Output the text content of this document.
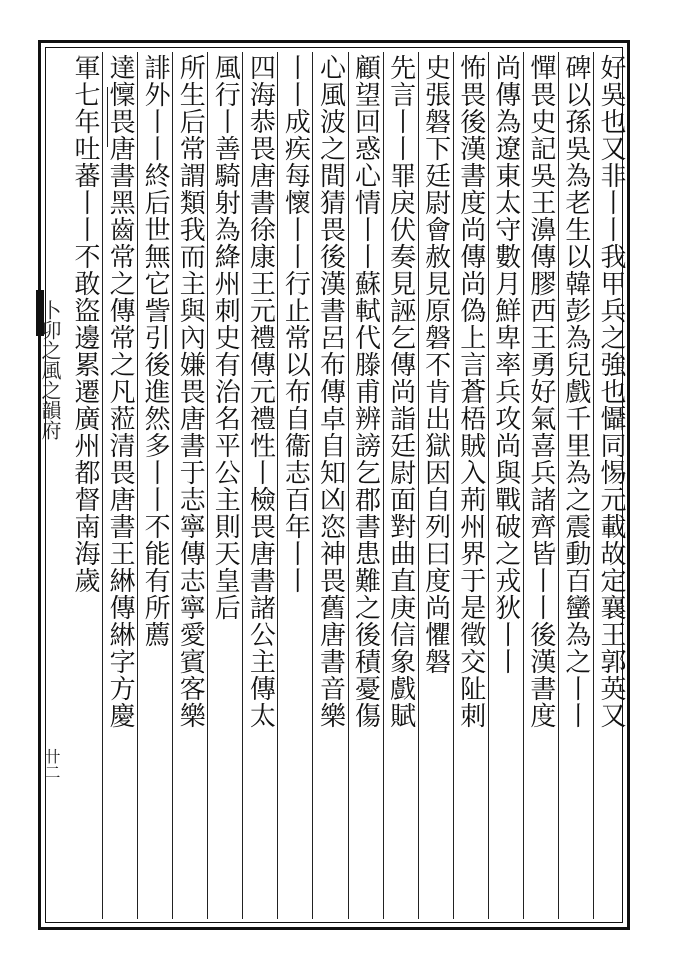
卜卯之風之韻府
卄二
好吳也又非丨丨我甲兵之強也懾同惕元載故定襄王郭英又
碑以孫吳為老生以韓彭為兒戲千里為之震動百蠻為之丨丨
憚畏史記吳王濞傳膠西王勇好氣喜兵諸齊皆丨丨後漢書度
尚傳為遼東太守數月鮮卑率兵攻尚與戰破之戎狄丨丨
怖畏後漢書度尚傳尚偽上言蒼梧賊入荊州界于是徵交阯刺
史張磐下廷尉會赦見原磐不肯出獄因自列曰度尚懼磐
先言丨丨罪戾伏奏見誣乞傳尚詣廷尉面對曲直庚信象戲賦
顧望回惑心情丨丨蘇軾代滕甫辨謗乞郡書患難之後積憂傷
心風波之間猜畏後漢書呂布傳卓自知凶恣神畏舊唐書音樂
丨丨成疾每懷丨丨行止常以布自衞志百年丨丨
四海恭畏唐書徐康王元禮傳元禮性丨檢畏唐書諸公主傳太
風行丨善騎射為絳州刺史有治名平公主則天皇后
所生后常謂類我而主與內嫌畏唐書于志寧傳志寧愛賓客樂
誹外丨丨終后世無它訾引後進然多丨丨不能有所薦
達懍畏唐書黑齒常之傳常之凡蒞清畏唐書王綝傳綝字方慶
軍七年吐蕃丨丨不敢盜邊累遷廣州都督南海歲
